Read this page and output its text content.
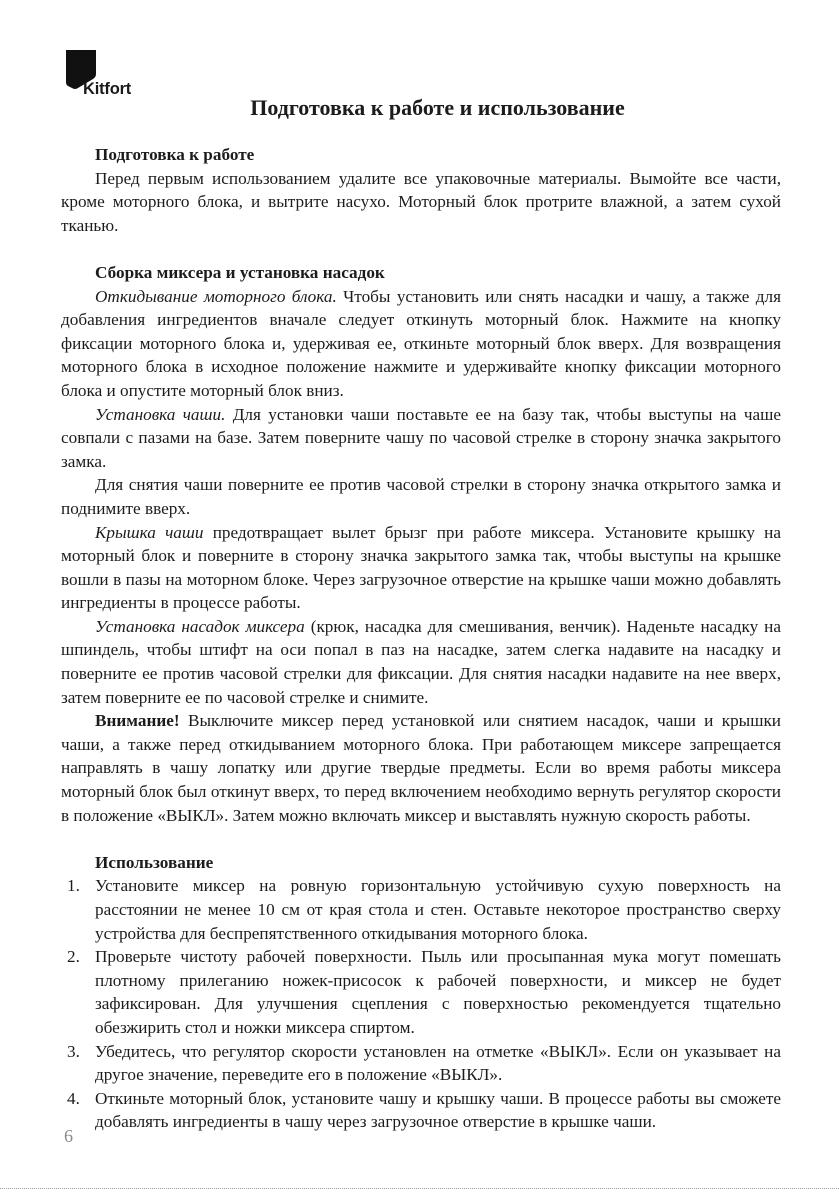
Kitfort
Подготовка к работе и использование
Подготовка к работе

Перед первым использованием удалите все упаковочные материалы. Вымойте все части, кроме моторного блока, и вытрите насухо. Моторный блок протрите влажной, а затем сухой тканью.

Сборка миксера и установка насадок

Откидывание моторного блока. Чтобы установить или снять насадки и чашу, а также для добавления ингредиентов вначале следует откинуть моторный блок. Нажмите на кнопку фиксации моторного блока и, удерживая ее, откиньте моторный блок вверх. Для возвращения моторного блока в исходное положение нажмите и удерживайте кнопку фиксации моторного блока и опустите моторный блок вниз.

Установка чаши. Для установки чаши поставьте ее на базу так, чтобы выступы на чаше совпали с пазами на базе. Затем поверните чашу по часовой стрелке в сторону значка закрытого замка.

Для снятия чаши поверните ее против часовой стрелки в сторону значка открытого замка и поднимите вверх.

Крышка чаши предотвращает вылет брызг при работе миксера. Установите крышку на моторный блок и поверните в сторону значка закрытого замка так, чтобы выступы на крышке вошли в пазы на моторном блоке. Через загрузочное отверстие на крышке чаши можно добавлять ингредиенты в процессе работы.

Установка насадок миксера (крюк, насадка для смешивания, венчик). Наденьте насадку на шпиндель, чтобы штифт на оси попал в паз на насадке, затем слегка надавите на насадку и поверните ее против часовой стрелки для фиксации. Для снятия насадки надавите на нее вверх, затем поверните ее по часовой стрелке и снимите.

Внимание! Выключите миксер перед установкой или снятием насадок, чаши и крышки чаши, а также перед откидыванием моторного блока. При работающем миксере запрещается направлять в чашу лопатку или другие твердые предметы. Если во время работы миксера моторный блок был откинут вверх, то перед включением необходимо вернуть регулятор скорости в положение «ВЫКЛ». Затем можно включать миксер и выставлять нужную скорость работы.

Использование
1. Установите миксер на ровную горизонтальную устойчивую сухую поверхность на расстоянии не менее 10 см от края стола и стен. Оставьте некоторое пространство сверху устройства для беспрепятственного откидывания моторного блока.
2. Проверьте чистоту рабочей поверхности. Пыль или просыпанная мука могут помешать плотному прилеганию ножек-присосок к рабочей поверхности, и миксер не будет зафиксирован. Для улучшения сцепления с поверхностью рекомендуется тщательно обезжирить стол и ножки миксера спиртом.
3. Убедитесь, что регулятор скорости установлен на отметке «ВЫКЛ». Если он указывает на другое значение, переведите его в положение «ВЫКЛ».
4. Откиньте моторный блок, установите чашу и крышку чаши. В процессе работы вы сможете добавлять ингредиенты в чашу через загрузочное отверстие в крышке чаши.
6
